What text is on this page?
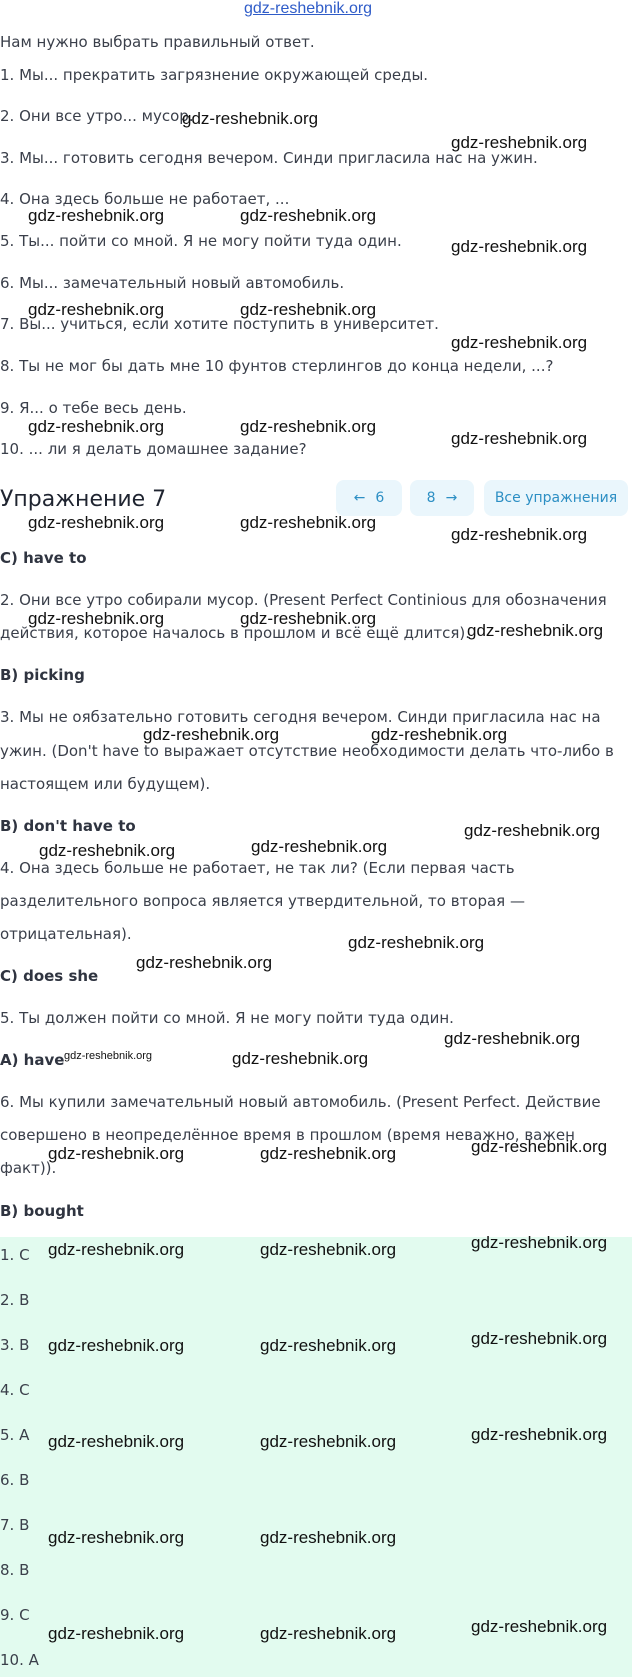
gdz-reshebnik.org
Нам нужно выбрать правильный ответ.
1. Мы... прекратить загрязнение окружающей среды.
2. Они все утро... мусор.
3. Мы... готовить сегодня вечером. Синди пригласила нас на ужин.
4. Она здесь больше не работает, ...
5. Ты... пойти со мной. Я не могу пойти туда один.
6. Мы... замечательный новый автомобиль.
7. Вы... учиться, если хотите поступить в университет.
8. Ты не мог бы дать мне 10 фунтов стерлингов до конца недели, ...?
9. Я... о тебе весь день.
10. ... ли я делать домашнее задание?
Упражнение 7	← 6	8 →	Все упражнения
C) have to
2. Они все утро собирали мусор. (Present Perfect Continious для обозначения
действия, которое началось в прошлом и всё ещё длится).
B) picking
3. Мы не оябзательно готовить сегодня вечером. Синди пригласила нас на
ужин. (Don't have to выражает отсутствие необходимости делать что-либо в
настоящем или будущем).
B) don't have to
4. Она здесь больше не работает, не так ли? (Если первая часть
разделительного вопроса является утвердительной, то вторая —
отрицательная).
C) does she
5. Ты должен пойти со мной. Я не могу пойти туда один.
A) have
6. Мы купили замечательный новый автомобиль. (Present Perfect. Действие
совершено в неопределённое время в прошлом (время неважно, важен
факт)).
B) bought
1. C
2. B
3. B
4. C
5. A
6. B
7. B
8. B
9. C
10. A
gdz-reshebnik.org
gdz-reshebnik.org
gdz-reshebnik.org	gdz-reshebnik.org
gdz-reshebnik.org
gdz-reshebnik.org	gdz-reshebnik.org
gdz-reshebnik.org
gdz-reshebnik.org	gdz-reshebnik.org
gdz-reshebnik.org
gdz-reshebnik.org	gdz-reshebnik.org
gdz-reshebnik.org
gdz-reshebnik.org	gdz-reshebnik.org
gdz-reshebnik.org
gdz-reshebnik.org	gdz-reshebnik.org
gdz-reshebnik.org
gdz-reshebnik.org
gdz-reshebnik.org
gdz-reshebnik.org
gdz-reshebnik.org
gdz-reshebnik.org
gdz-reshebnik.org	gdz-reshebnik.org
gdz-reshebnik.org
gdz-reshebnik.org	gdz-reshebnik.org
gdz-reshebnik.org
gdz-reshebnik.org	gdz-reshebnik.org
gdz-reshebnik.org
gdz-reshebnik.org	gdz-reshebnik.org
gdz-reshebnik.org
gdz-reshebnik.org	gdz-reshebnik.org
gdz-reshebnik.org	gdz-reshebnik.org
gdz-reshebnik.org
gdz-reshebnik.org	gdz-reshebnik.org
